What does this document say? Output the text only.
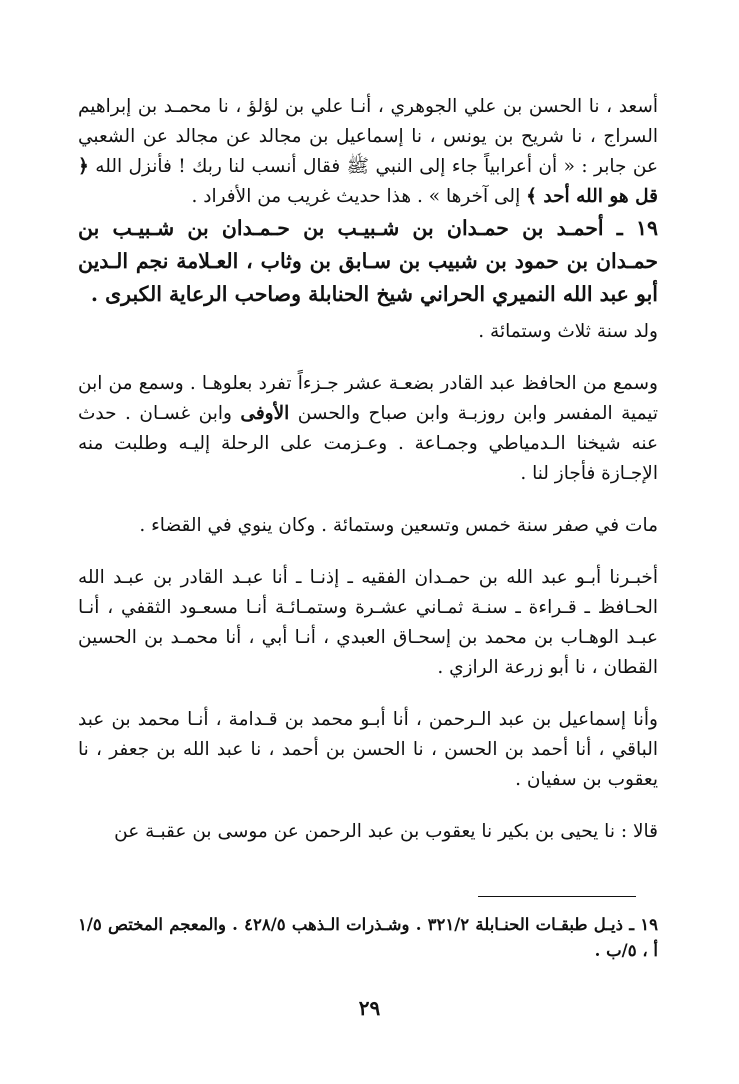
أسعد ، نا الحسن بن علي الجوهري ، أنـا علي بن لؤلؤ ، نا محمـد بن إبراهيم السراج ، نا شريح بن يونس ، نا إسماعيل بن مجالد عن مجالد عن الشعبي عن جابر : « أن أعرابياً جاء إلى النبي ﷺ فقال أنسب لنا ربك ! فأنزل الله ﴿ قل هو الله أحد ﴾ إلى آخرها » . هذا حديث غريب من الأفراد .

١٩ ـ أحمـد بن حمـدان بن شـبيـب بن حـمـدان بن شـبيـب بن حمـدان بن حمود بن شبيب بن سـابق بن وثاب ، العـلامة نجم الـدين أبو عبد الله النميري الحراني شيخ الحنابلة وصاحب الرعاية الكبرى .

ولد سنة ثلاث وستمائة .

وسمع من الحافظ عبد القادر بضعـة عشر جـزءاً تفرد بعلوهـا . وسمع من ابن تيمية المفسر وابن روزبـة وابن صباح والحسن الأوفى وابن غسـان . حدث عنه شيخنا الـدمياطي وجمـاعة . وعـزمت على الرحلة إليـه وطلبت منه الإجـازة فأجاز لنا .

مات في صفر سنة خمس وتسعين وستمائة . وكان ينوي في القضاء .

أخبـرنا أبـو عبد الله بن حمـدان الفقيه ـ إذنـا ـ أنا عبـد القادر بن عبـد الله الحـافظ ـ قـراءة ـ سنـة ثمـاني عشـرة وستمـائـة أنـا مسعـود الثقفي ، أنـا عبـد الوهـاب بن محمد بن إسحـاق العبدي ، أنـا أبي ، أنا محمـد بن الحسين القطان ، نا أبو زرعة الرازي .

وأنا إسماعيل بن عبد الـرحمن ، أنا أبـو محمد بن قـدامة ، أنـا محمد بن عبد الباقي ، أنا أحمد بن الحسن ، نا الحسن بن أحمد ، نا عبد الله بن جعفر ، نا يعقوب بن سفيان .

قالا : نا يحيى بن بكير نا يعقوب بن عبد الرحمن عن موسى بن عقبـة عن

١٩ ـ ذيـل طبقـات الحنـابلة ٣٢١/٢ . وشـذرات الـذهب ٤٢٨/٥ . والمعجم المختص ١/٥ أ ، ٥/ب .
٢٩
